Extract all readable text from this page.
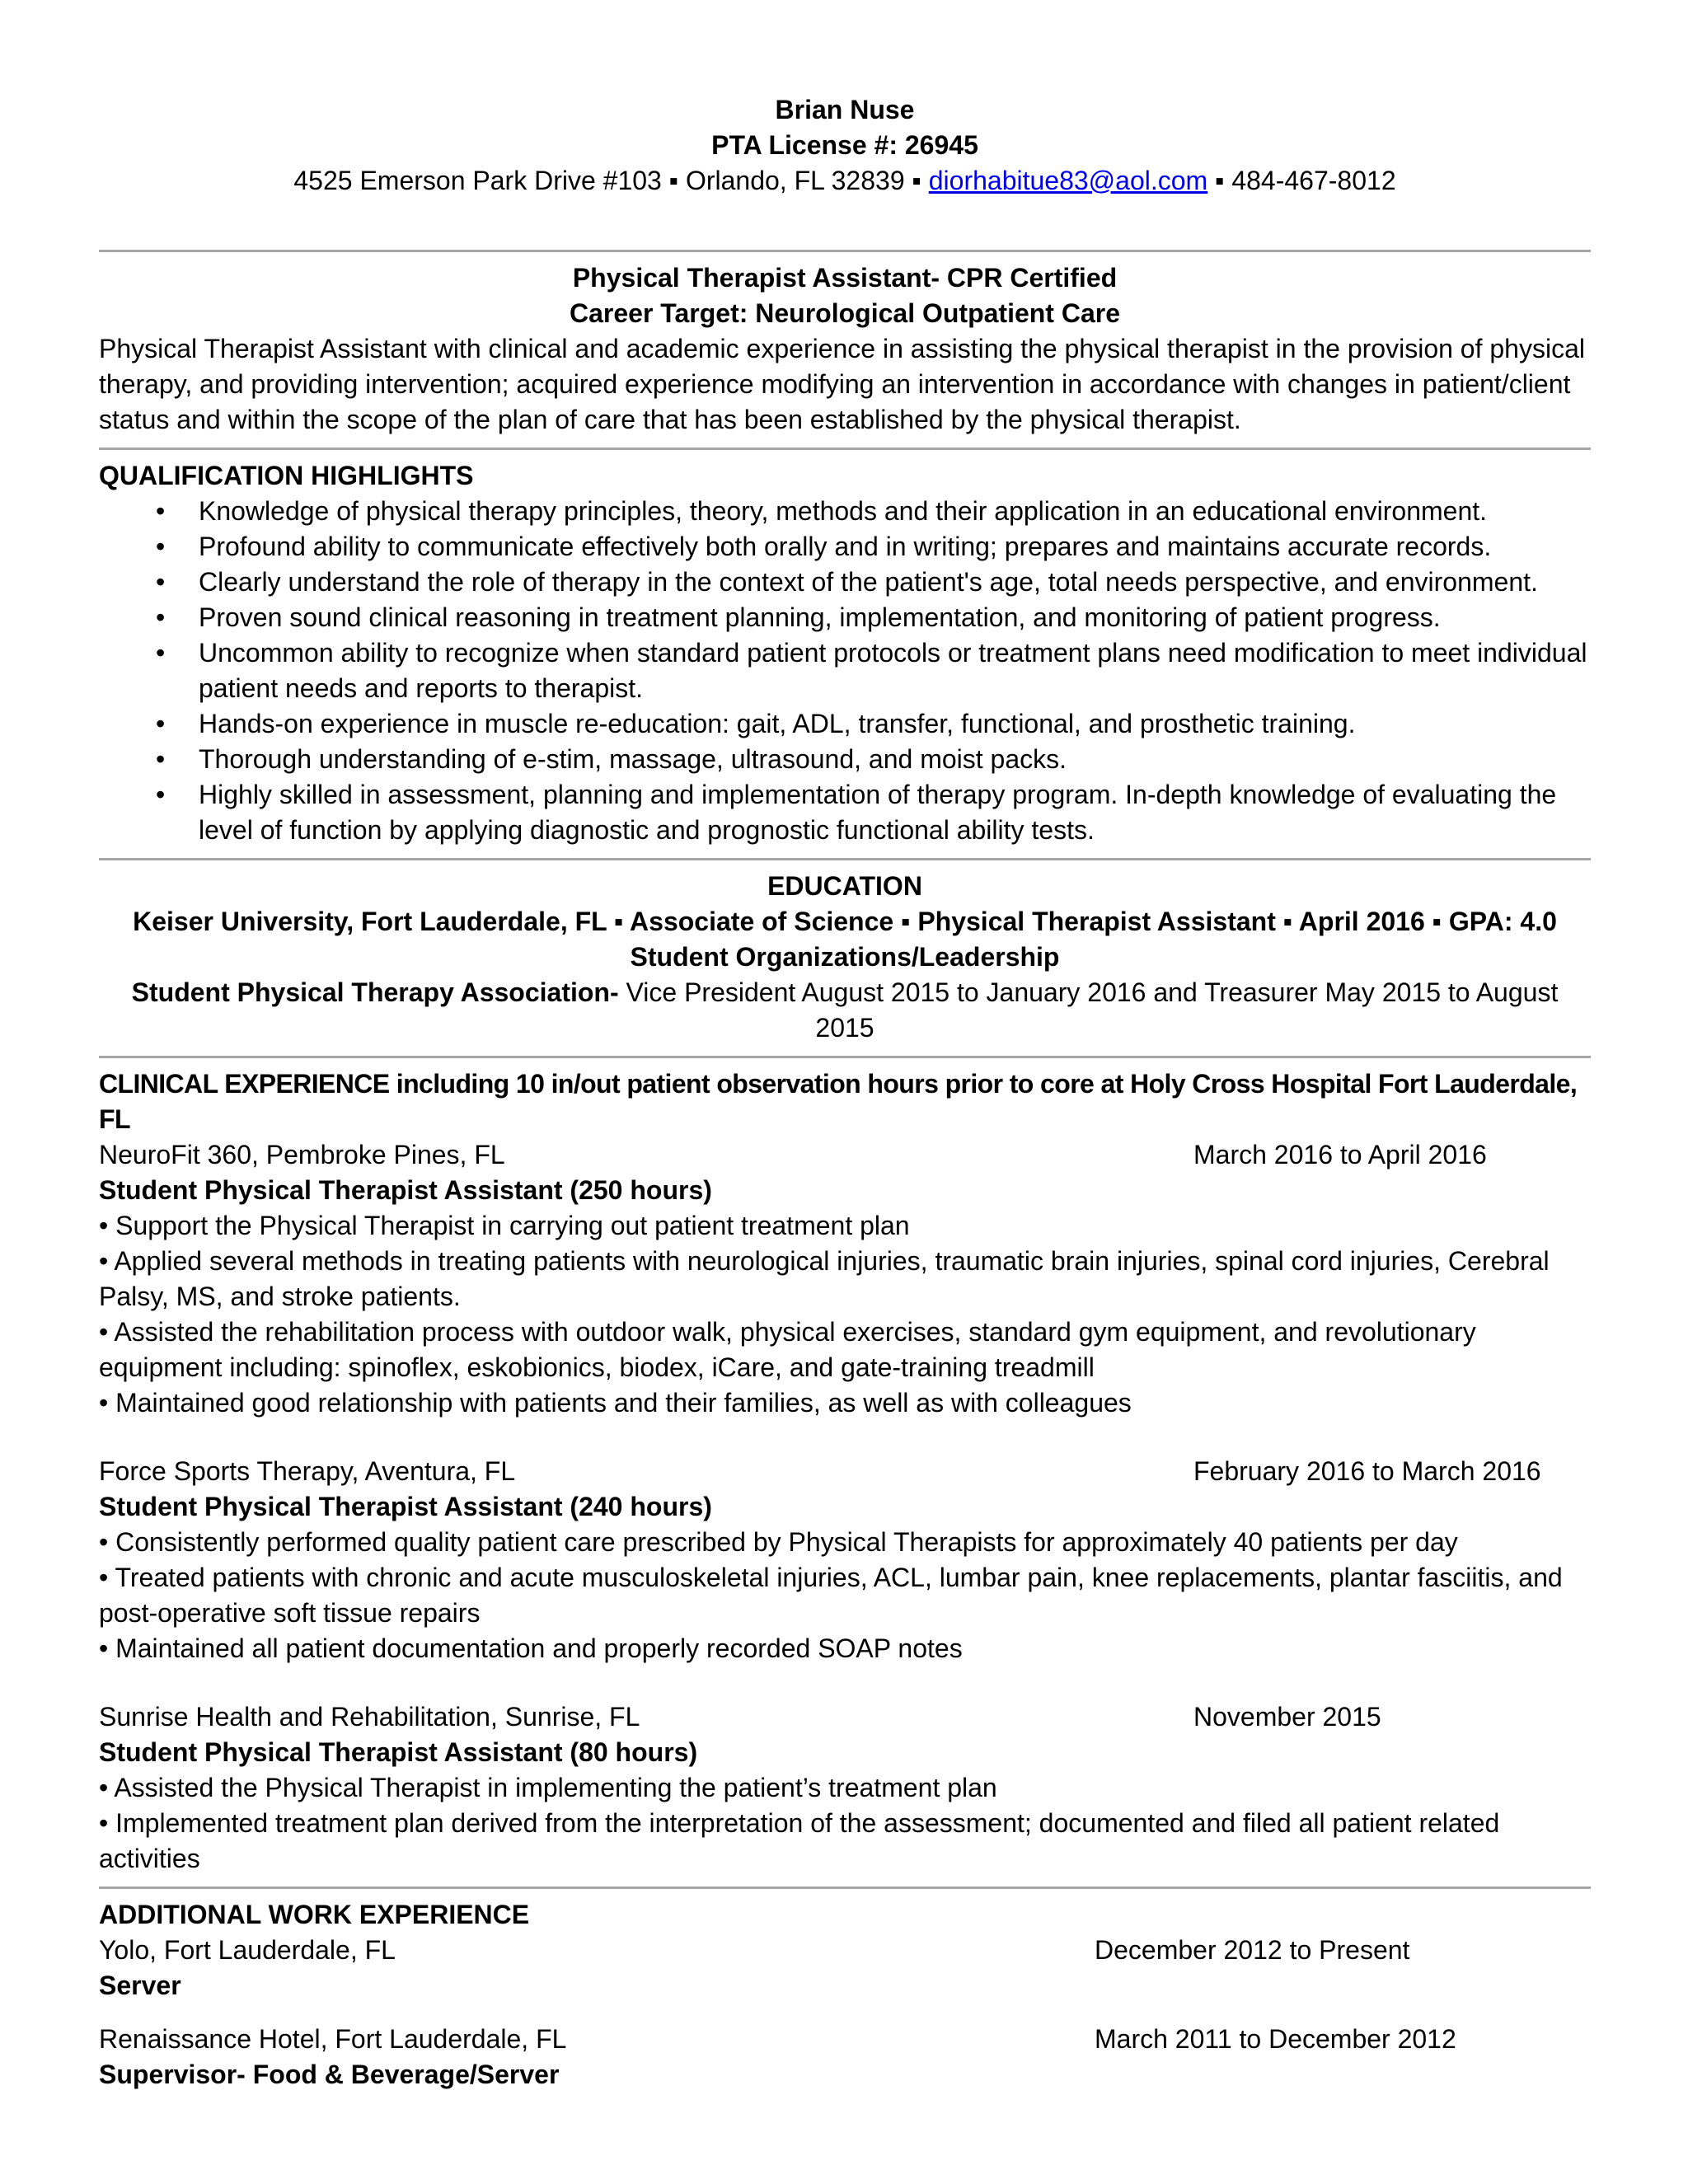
Brian Nuse
PTA License #: 26945
4525 Emerson Park Drive #103 ▪ Orlando, FL 32839 ▪ diorhabitue83@aol.com ▪ 484-467-8012
Physical Therapist Assistant- CPR Certified
Career Target: Neurological Outpatient Care

Physical Therapist Assistant with clinical and academic experience in assisting the physical therapist in the provision of physical therapy, and providing intervention; acquired experience modifying an intervention in accordance with changes in patient/client status and within the scope of the plan of care that has been established by the physical therapist.

QUALIFICATION HIGHLIGHTS
• Knowledge of physical therapy principles, theory, methods and their application in an educational environment.
• Profound ability to communicate effectively both orally and in writing; prepares and maintains accurate records.
• Clearly understand the role of therapy in the context of the patient's age, total needs perspective, and environment.
• Proven sound clinical reasoning in treatment planning, implementation, and monitoring of patient progress.
• Uncommon ability to recognize when standard patient protocols or treatment plans need modification to meet individual patient needs and reports to therapist.
• Hands-on experience in muscle re-education: gait, ADL, transfer, functional, and prosthetic training.
• Thorough understanding of e-stim, massage, ultrasound, and moist packs.
• Highly skilled in assessment, planning and implementation of therapy program. In-depth knowledge of evaluating the level of function by applying diagnostic and prognostic functional ability tests.
EDUCATION
Keiser University, Fort Lauderdale, FL ▪ Associate of Science ▪ Physical Therapist Assistant ▪ April 2016 ▪ GPA: 4.0
Student Organizations/Leadership
Student Physical Therapy Association- Vice President August 2015 to January 2016 and Treasurer May 2015 to August 2015
CLINICAL EXPERIENCE including 10 in/out patient observation hours prior to core at Holy Cross Hospital Fort Lauderdale, FL
NeuroFit 360, Pembroke Pines, FL	March 2016 to April 2016
Student Physical Therapist Assistant (250 hours)
• Support the Physical Therapist in carrying out patient treatment plan
• Applied several methods in treating patients with neurological injuries, traumatic brain injuries, spinal cord injuries, Cerebral Palsy, MS, and stroke patients.
• Assisted the rehabilitation process with outdoor walk, physical exercises, standard gym equipment, and revolutionary equipment including: spinoflex, eskobionics, biodex, iCare, and gate-training treadmill
• Maintained good relationship with patients and their families, as well as with colleagues
Force Sports Therapy, Aventura, FL	February 2016 to March 2016
Student Physical Therapist Assistant (240 hours)
• Consistently performed quality patient care prescribed by Physical Therapists for approximately 40 patients per day
• Treated patients with chronic and acute musculoskeletal injuries, ACL, lumbar pain, knee replacements, plantar fasciitis, and post-operative soft tissue repairs
• Maintained all patient documentation and properly recorded SOAP notes
Sunrise Health and Rehabilitation, Sunrise, FL	November 2015
Student Physical Therapist Assistant (80 hours)
• Assisted the Physical Therapist in implementing the patient’s treatment plan
• Implemented treatment plan derived from the interpretation of the assessment; documented and filed all patient related activities
ADDITIONAL WORK EXPERIENCE
Yolo, Fort Lauderdale, FL	December 2012 to Present
Server
Renaissance Hotel, Fort Lauderdale, FL	March 2011 to December 2012
Supervisor- Food & Beverage/Server
